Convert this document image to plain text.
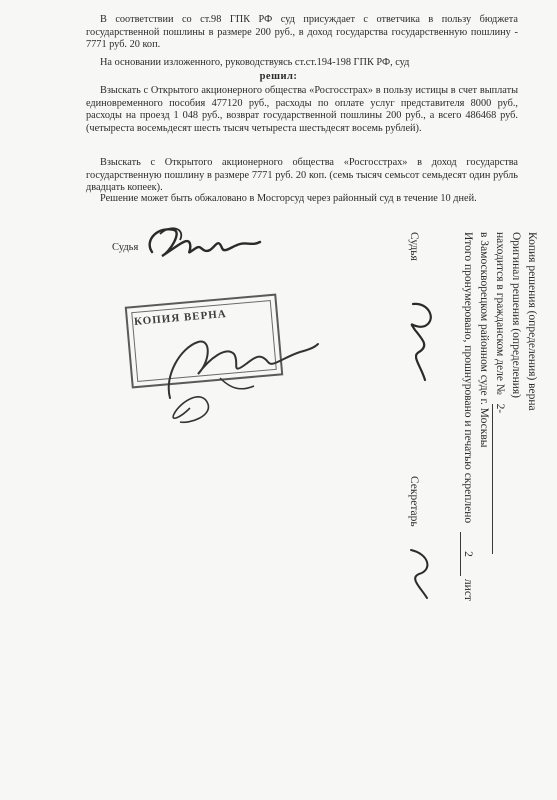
В соответствии со ст.98 ГПК РФ суд присуждает с ответчика в пользу бюджета государственной пошлины в размере 200 руб., в доход государства государственную пошлину - 7771 руб. 20 коп.
На основании изложенного, руководствуясь ст.ст.194-198 ГПК РФ, суд
решил:
Взыскать с Открытого акционерного общества «Росгосстрах» в пользу истицы в счет выплаты единовременного пособия 477120 руб., расходы по оплате услуг представителя 8000 руб., расходы на проезд 1 048 руб., возврат государственной пошлины 200 руб., а всего 486468 руб. (четыреста восемьдесят шесть тысяч четыреста шестьдесят восемь рублей).
Взыскать с Открытого акционерного общества «Росгосстрах» в доход государства государственную пошлину в размере 7771 руб. 20 коп. (семь тысяч семьсот семьдесят один рубль двадцать копеек).
Решение может быть обжаловано в Мосгорсуд через районный суд в течение 10 дней.
Судья
КОПИЯ ВЕРНА	Копия решения (определения) верна
Оригинал решения (определения)
находится в гражданском деле № 2-
в Замоскворецком районном суде г. Москвы
Итого пронумеровано, прошнуровано и печатью скреплено 2 лист
Судья
Секретарь
